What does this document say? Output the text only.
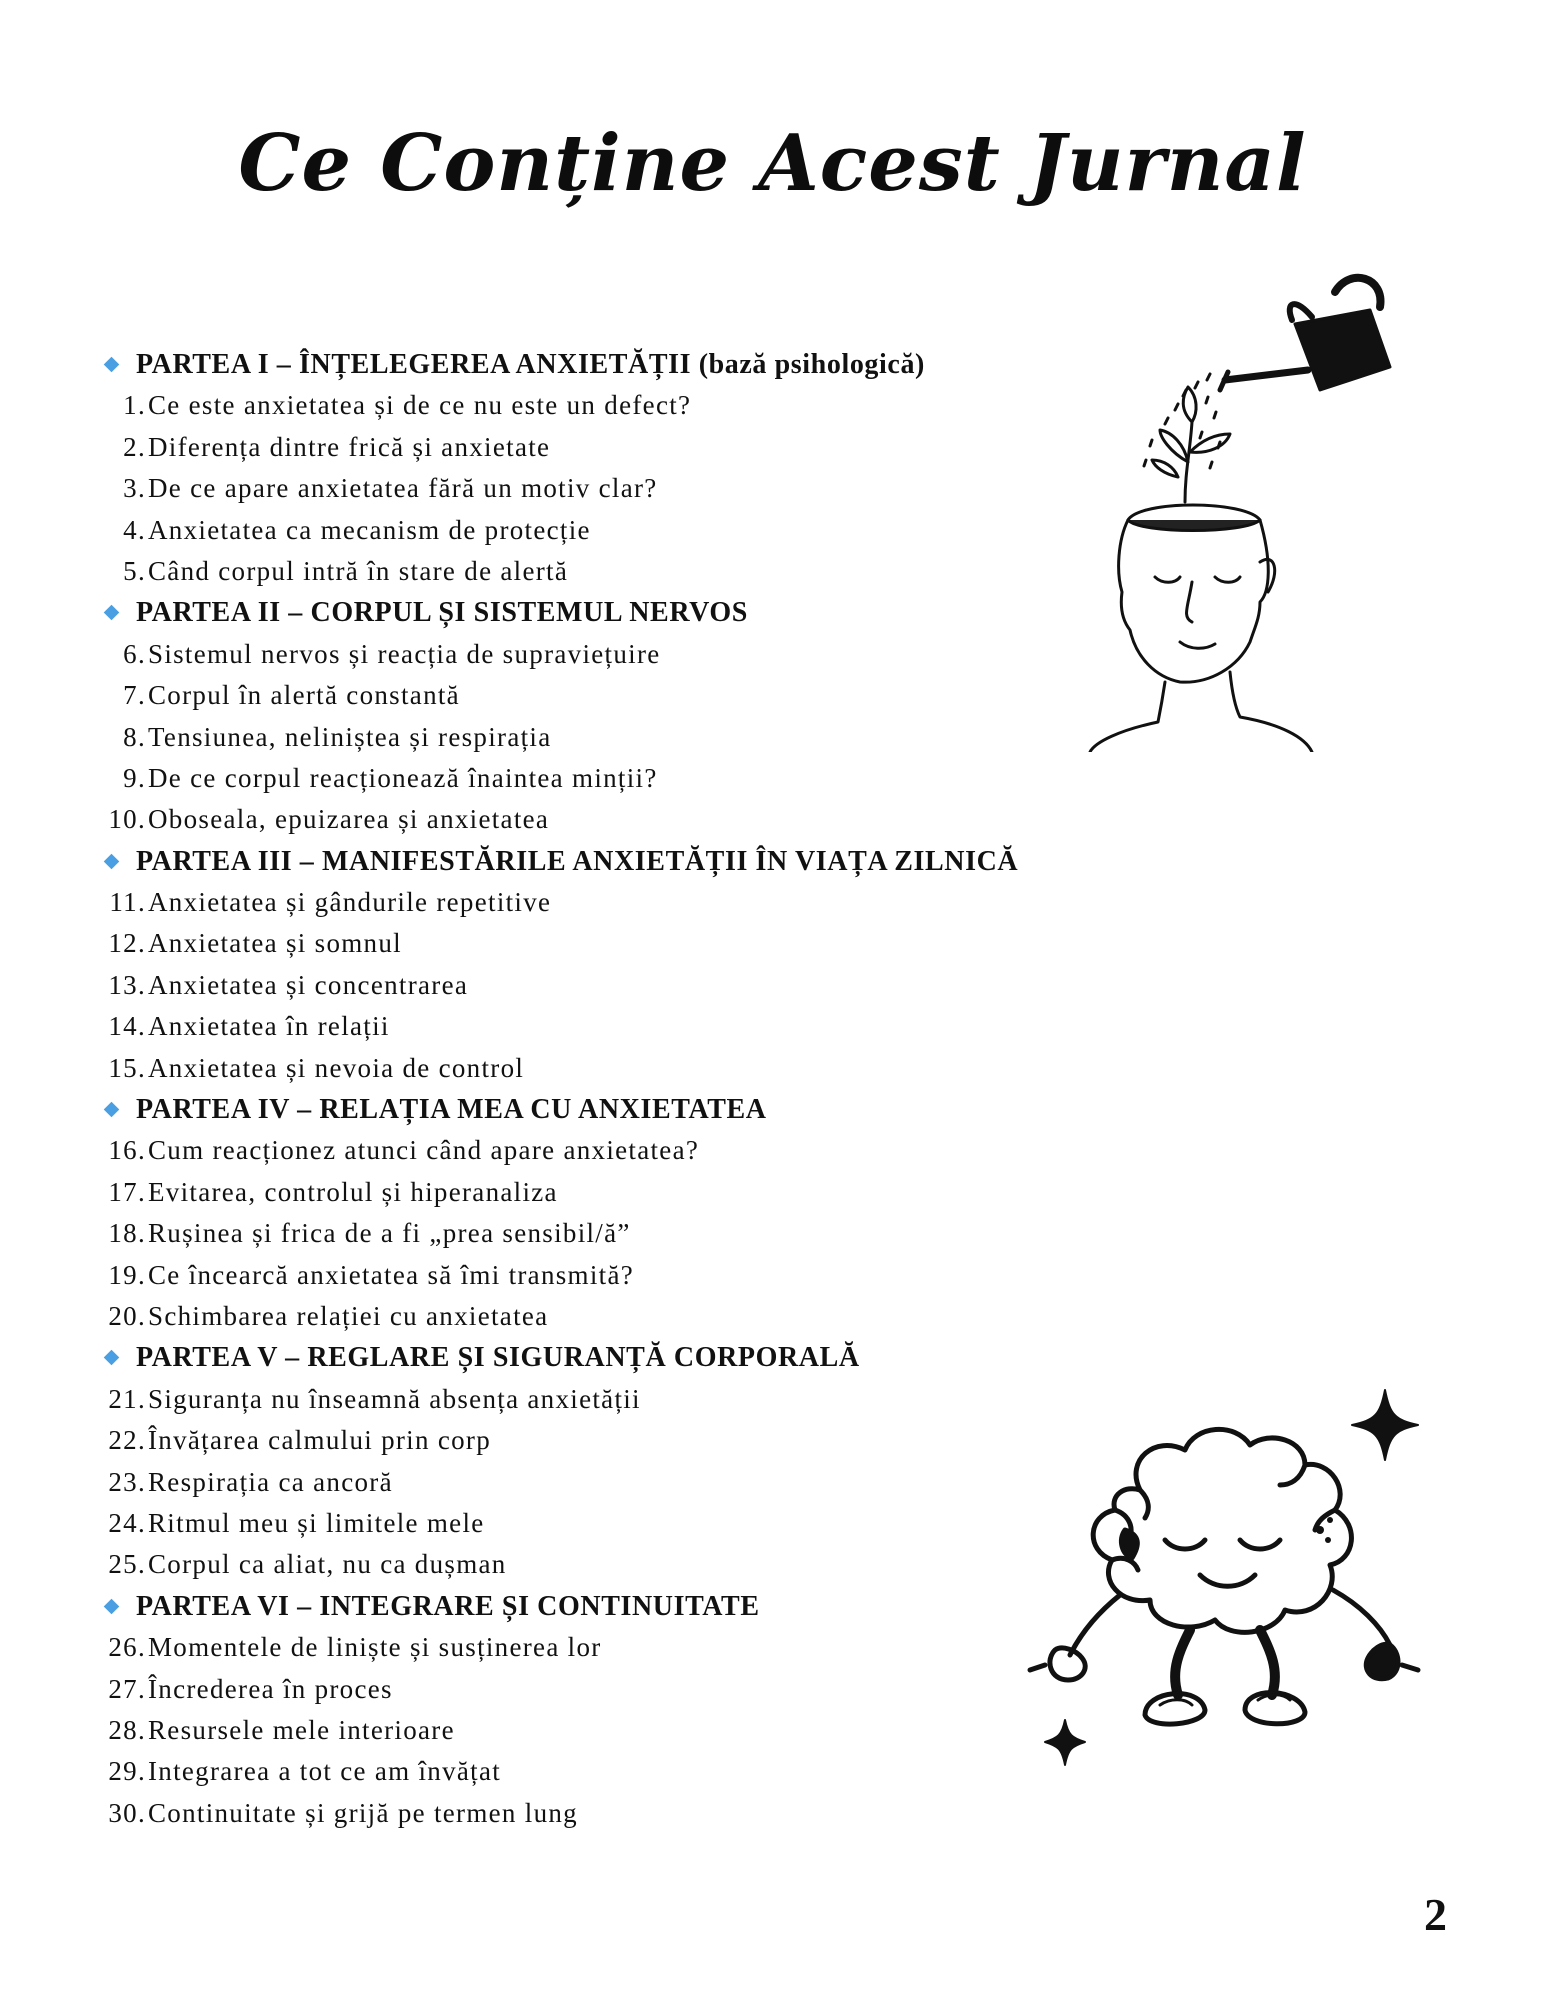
Ce Conține Acest Jurnal
PARTEA I – ÎNȚELEGEREA ANXIETĂȚII (bază psihologică)
1. Ce este anxietatea și de ce nu este un defect?
2. Diferența dintre frică și anxietate
3. De ce apare anxietatea fără un motiv clar?
4. Anxietatea ca mecanism de protecție
5. Când corpul intră în stare de alertă
PARTEA II – CORPUL ȘI SISTEMUL NERVOS
6. Sistemul nervos și reacția de supraviețuire
7. Corpul în alertă constantă
8. Tensiunea, neliniștea și respirația
9. De ce corpul reacționează înaintea minții?
10. Oboseala, epuizarea și anxietatea
PARTEA III – MANIFESTĂRILE ANXIETĂȚII ÎN VIAȚA ZILNICĂ
11. Anxietatea și gândurile repetitive
12. Anxietatea și somnul
13. Anxietatea și concentrarea
14. Anxietatea în relații
15. Anxietatea și nevoia de control
PARTEA IV – RELAȚIA MEA CU ANXIETATEA
16. Cum reacționez atunci când apare anxietatea?
17. Evitarea, controlul și hiperanaliza
18. Rușinea și frica de a fi „prea sensibil/ă”
19. Ce încearcă anxietatea să îmi transmită?
20. Schimbarea relației cu anxietatea
PARTEA V – REGLARE ȘI SIGURANȚĂ CORPORALĂ
21. Siguranța nu înseamnă absența anxietății
22. Învățarea calmului prin corp
23. Respirația ca ancoră
24. Ritmul meu și limitele mele
25. Corpul ca aliat, nu ca dușman
PARTEA VI – INTEGRARE ȘI CONTINUITATE
26. Momentele de liniște și susținerea lor
27. Încrederea în proces
28. Resursele mele interioare
29. Integrarea a tot ce am învățat
30. Continuitate și grijă pe termen lung
2
